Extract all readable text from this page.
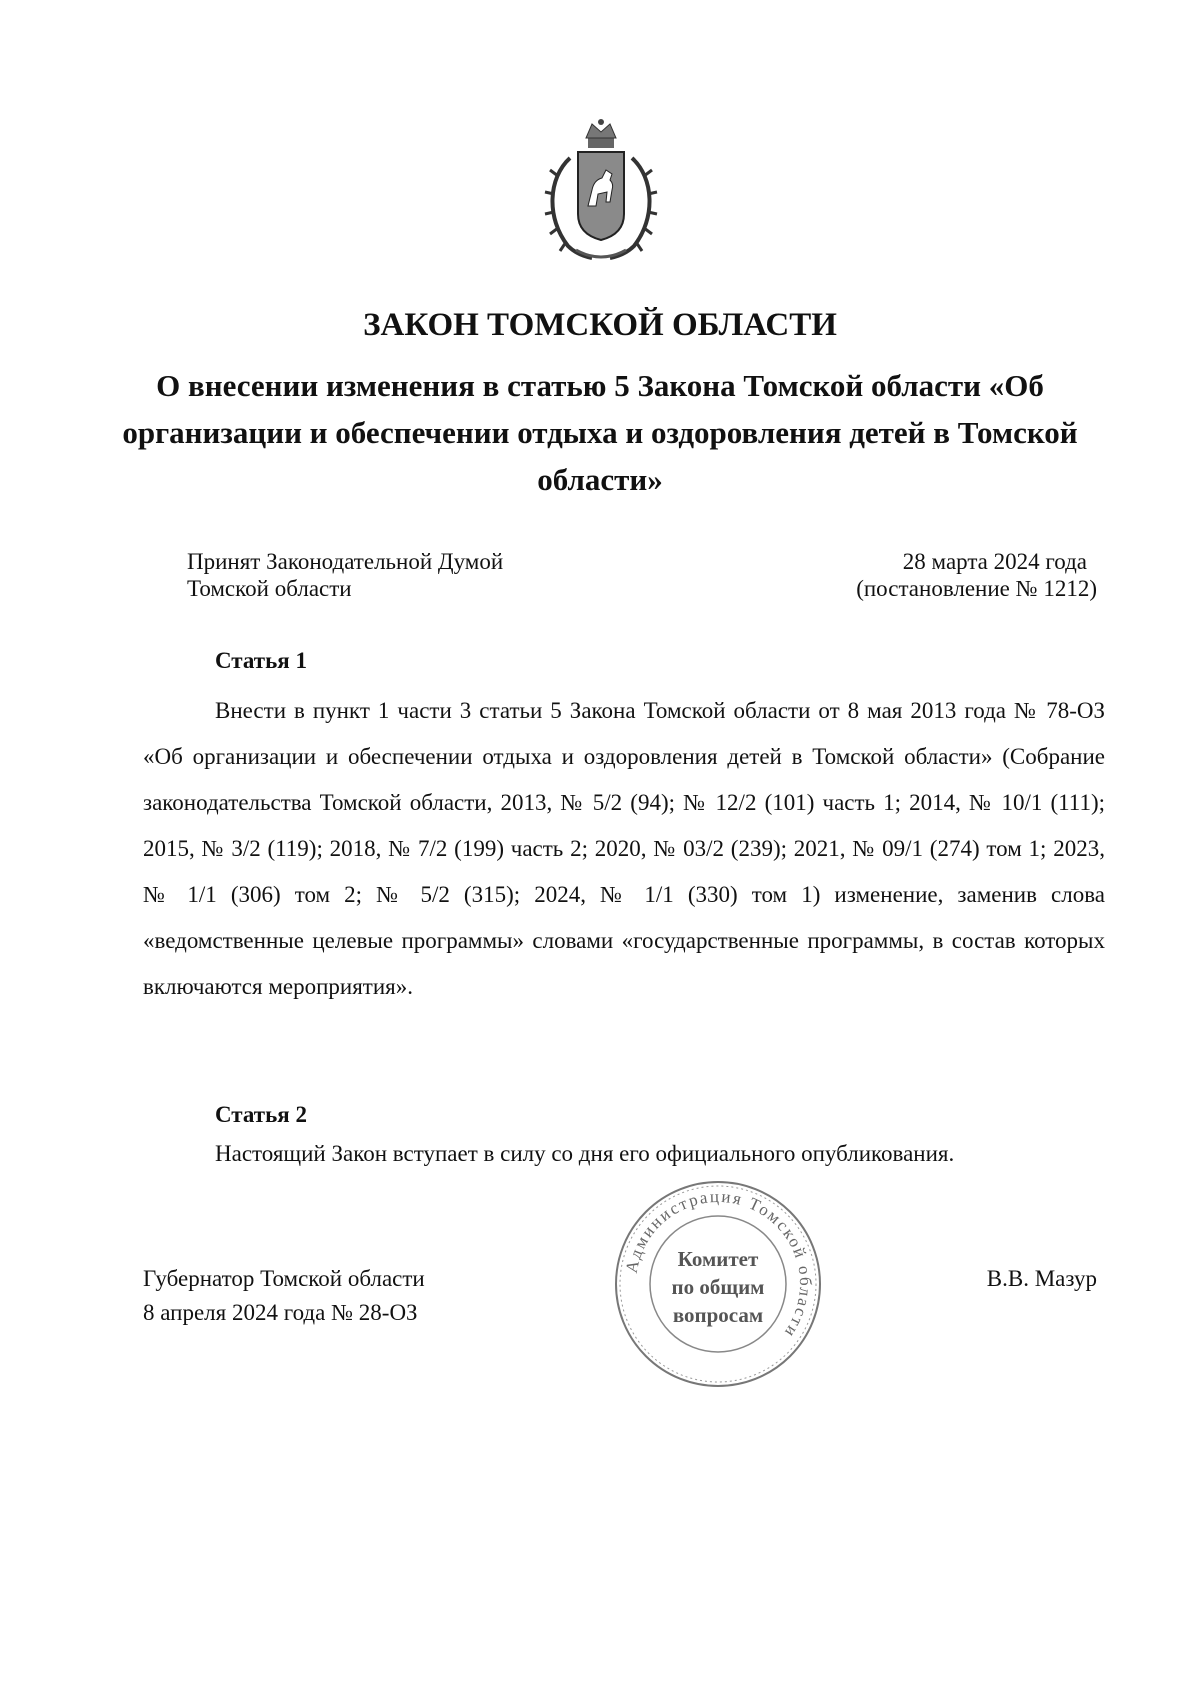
ЗАКОН ТОМСКОЙ ОБЛАСТИ
О внесении изменения в статью 5 Закона Томской области «Об организации и обеспечении отдыха и оздоровления детей в Томской области»
Принят Законодательной Думой
Томской области
28 марта 2024 года
(постановление № 1212)
Статья 1
Внести в пункт 1 части 3 статьи 5 Закона Томской области от 8 мая 2013 года № 78-ОЗ «Об организации и обеспечении отдыха и оздоровления детей в Томской области» (Собрание законодательства Томской области, 2013, № 5/2 (94); № 12/2 (101) часть 1; 2014, № 10/1 (111); 2015, № 3/2 (119); 2018, № 7/2 (199) часть 2; 2020, № 03/2 (239); 2021, № 09/1 (274) том 1; 2023, № 1/1 (306) том 2; № 5/2 (315); 2024, № 1/1 (330) том 1) изменение, заменив слова «ведомственные целевые программы» словами «государственные программы, в состав которых включаются мероприятия».
Статья 2
Настоящий Закон вступает в силу со дня его официального опубликования.
Губернатор Томской области
8 апреля 2024 года № 28-ОЗ
В.В. Мазур
Администрация Томской области
Комитет
по общим
вопросам
